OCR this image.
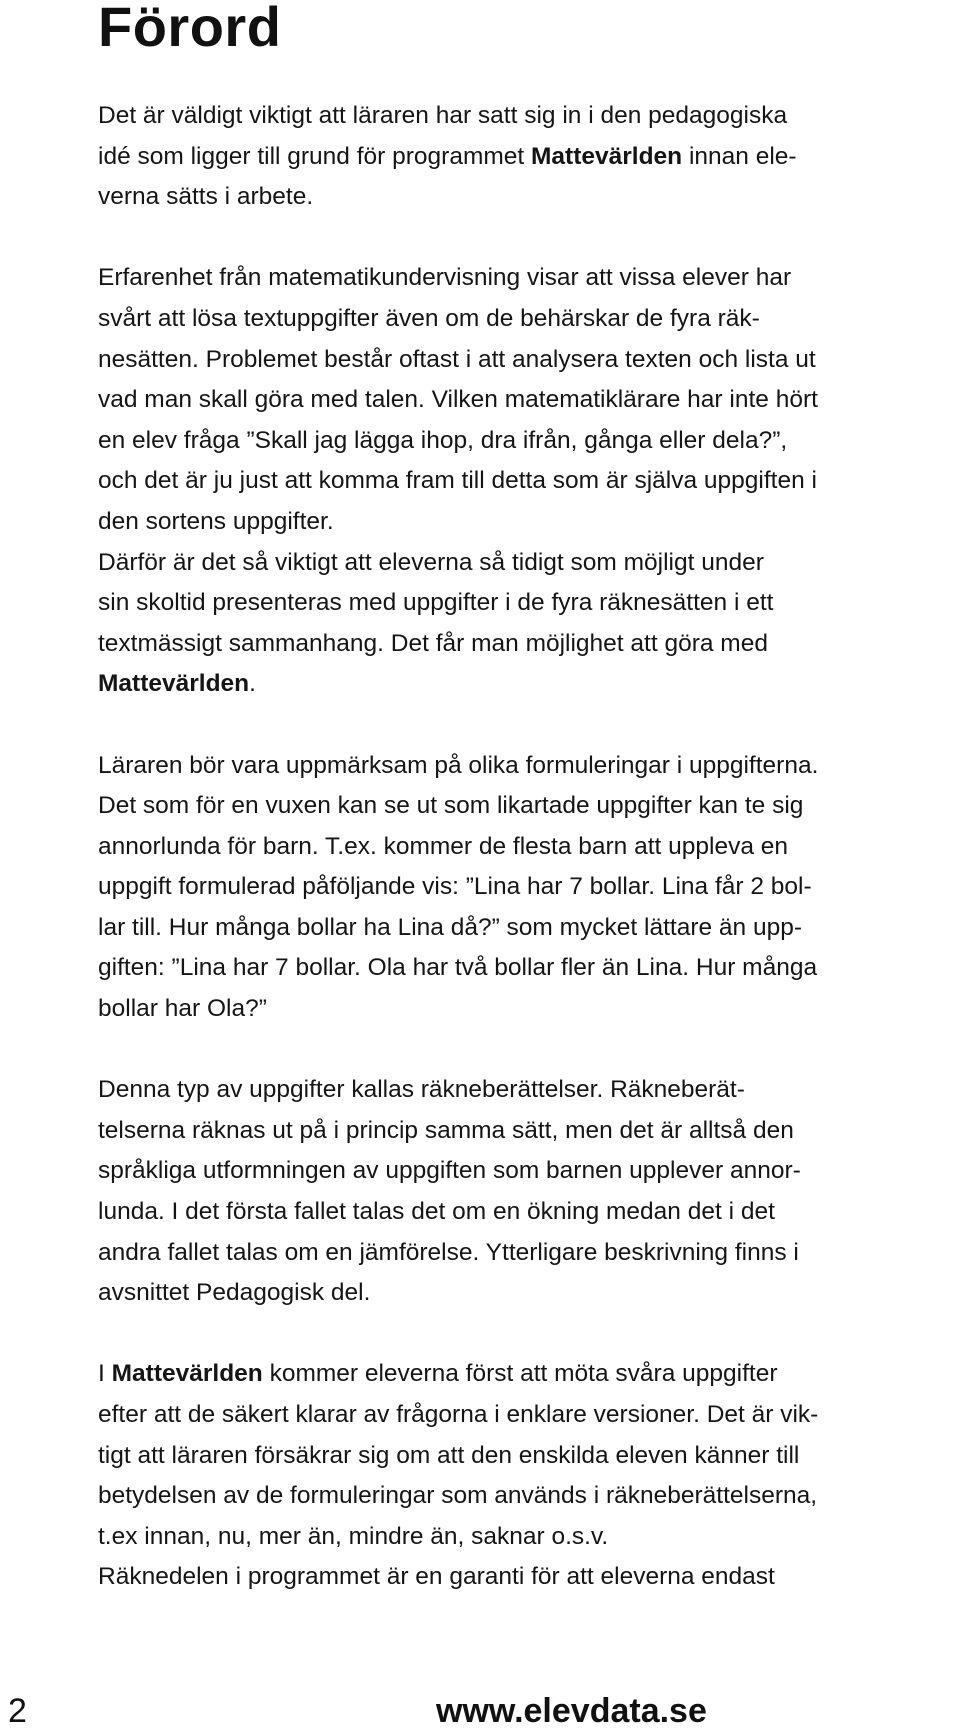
Förord

Det är väldigt viktigt att läraren har satt sig in i den pedagogiska
idé som ligger till grund för programmet Mattevärlden innan ele-
verna sätts i arbete.

Erfarenhet från matematikundervisning visar att vissa elever har
svårt att lösa textuppgifter även om de behärskar de fyra räk-
nesätten. Problemet består oftast i att analysera texten och lista ut
vad man skall göra med talen. Vilken matematiklärare har inte hört
en elev fråga ”Skall jag lägga ihop, dra ifrån, gånga eller dela?”,
och det är ju just att komma fram till detta som är själva uppgiften i
den sortens uppgifter.
Därför är det så viktigt att eleverna så tidigt som möjligt under
sin skoltid presenteras med uppgifter i de fyra räknesätten i ett
textmässigt sammanhang. Det får man möjlighet att göra med
Mattevärlden.

Läraren bör vara uppmärksam på olika formuleringar i uppgifterna.
Det som för en vuxen kan se ut som likartade uppgifter kan te sig
annorlunda för barn. T.ex. kommer de flesta barn att uppleva en
uppgift formulerad påföljande vis: ”Lina har 7 bollar. Lina får 2 bol-
lar till. Hur många bollar ha Lina då?” som mycket lättare än upp-
giften: ”Lina har 7 bollar. Ola har två bollar fler än Lina. Hur många
bollar har Ola?”

Denna typ av uppgifter kallas räkneberättelser. Räkneberät-
telserna räknas ut på i princip samma sätt, men det är alltså den
språkliga utformningen av uppgiften som barnen upplever annor-
lunda. I det första fallet talas det om en ökning medan det i det
andra fallet talas om en jämförelse. Ytterligare beskrivning finns i
avsnittet Pedagogisk del.

I Mattevärlden kommer eleverna först att möta svåra uppgifter
efter att de säkert klarar av frågorna i enklare versioner. Det är vik-
tigt att läraren försäkrar sig om att den enskilda eleven känner till
betydelsen av de formuleringar som används i räkneberättelserna,
t.ex innan, nu, mer än, mindre än, saknar o.s.v.
Räknedelen i programmet är en garanti för att eleverna endast

2	www.elevdata.se
